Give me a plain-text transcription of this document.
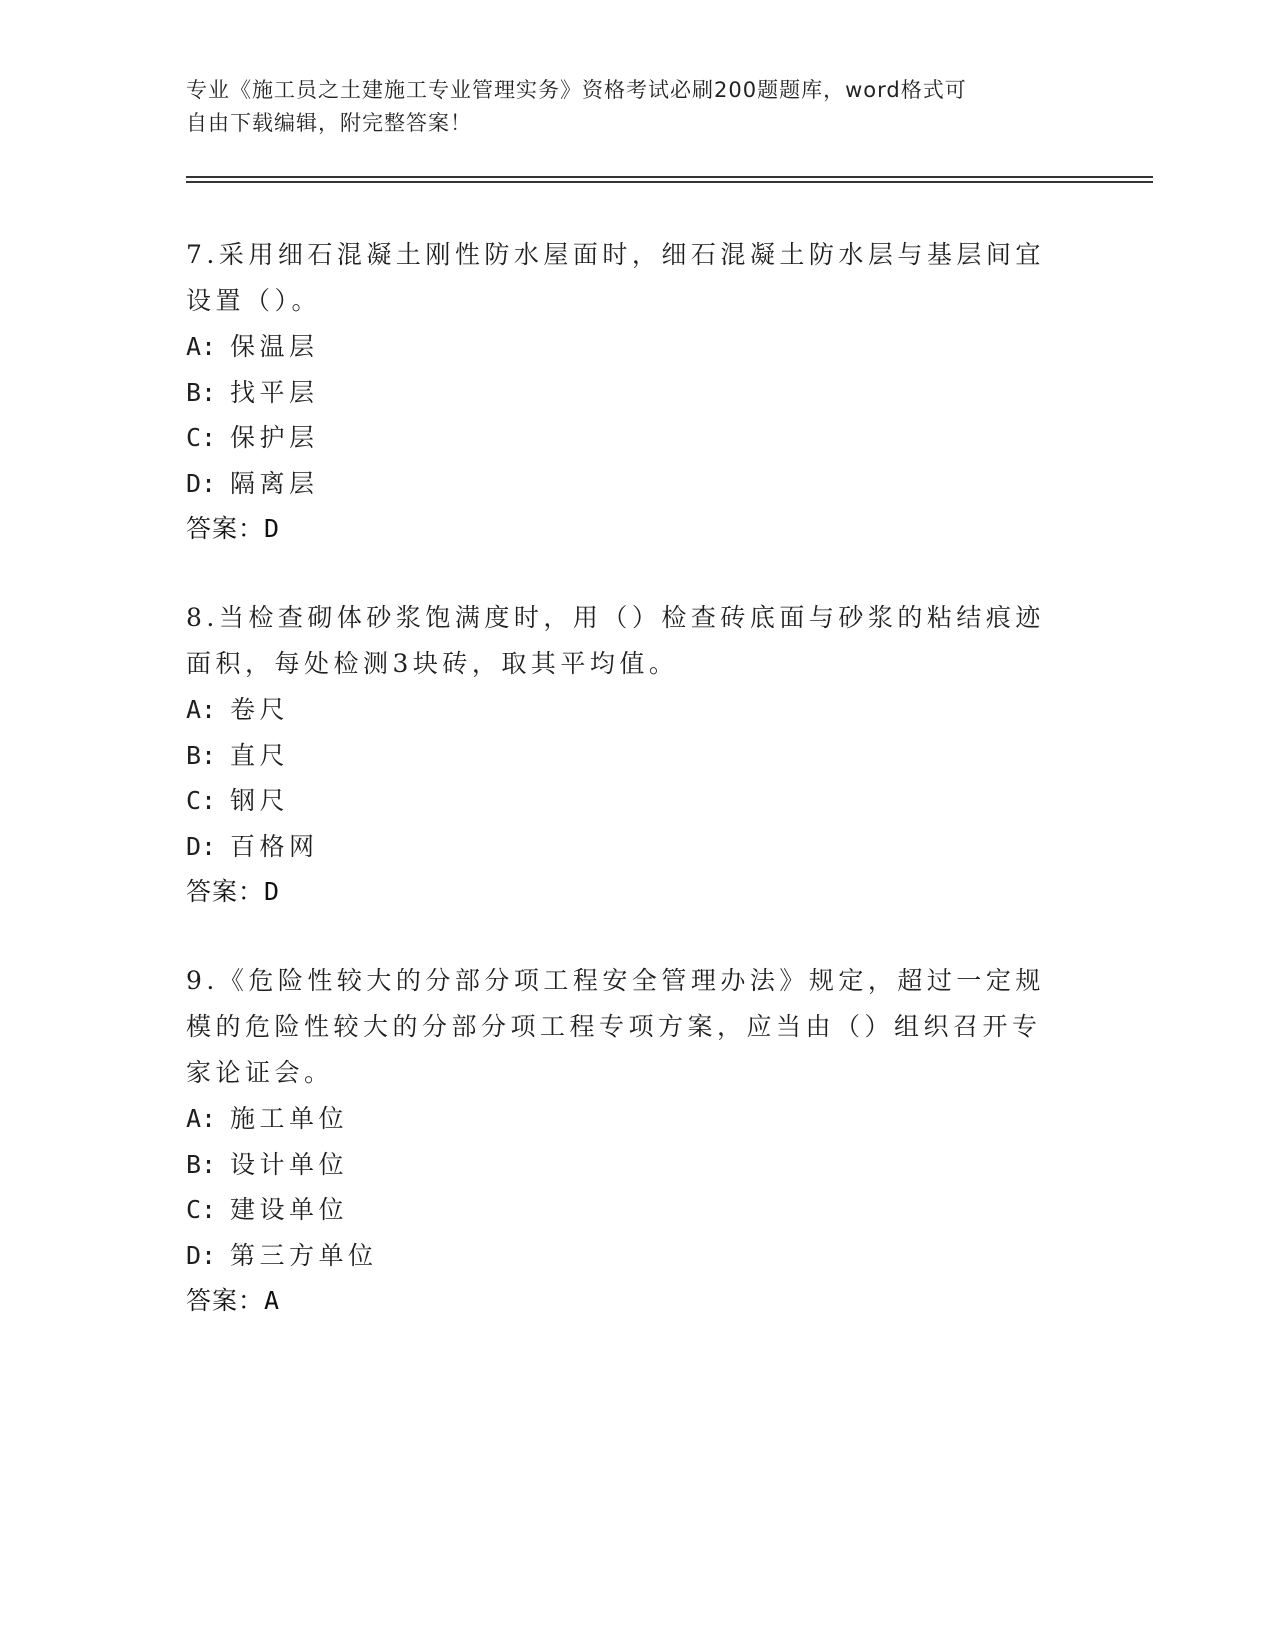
专业《施工员之土建施工专业管理实务》资格考试必刷200题题库，word格式可
自由下载编辑，附完整答案！

7.采用细石混凝土刚性防水屋面时，细石混凝土防水层与基层间宜设置（）。

A: 保温层

B: 找平层

C: 保护层

D: 隔离层

答案：D

8.当检查砌体砂浆饱满度时，用（）检查砖底面与砂浆的粘结痕迹面积，每处检测3块砖，取其平均值。

A: 卷尺

B: 直尺

C: 钢尺

D: 百格网

答案：D

9.《危险性较大的分部分项工程安全管理办法》规定，超过一定规模的危险性较大的分部分项工程专项方案，应当由（）组织召开专家论证会。

A: 施工单位

B: 设计单位

C: 建设单位

D: 第三方单位

答案：A
